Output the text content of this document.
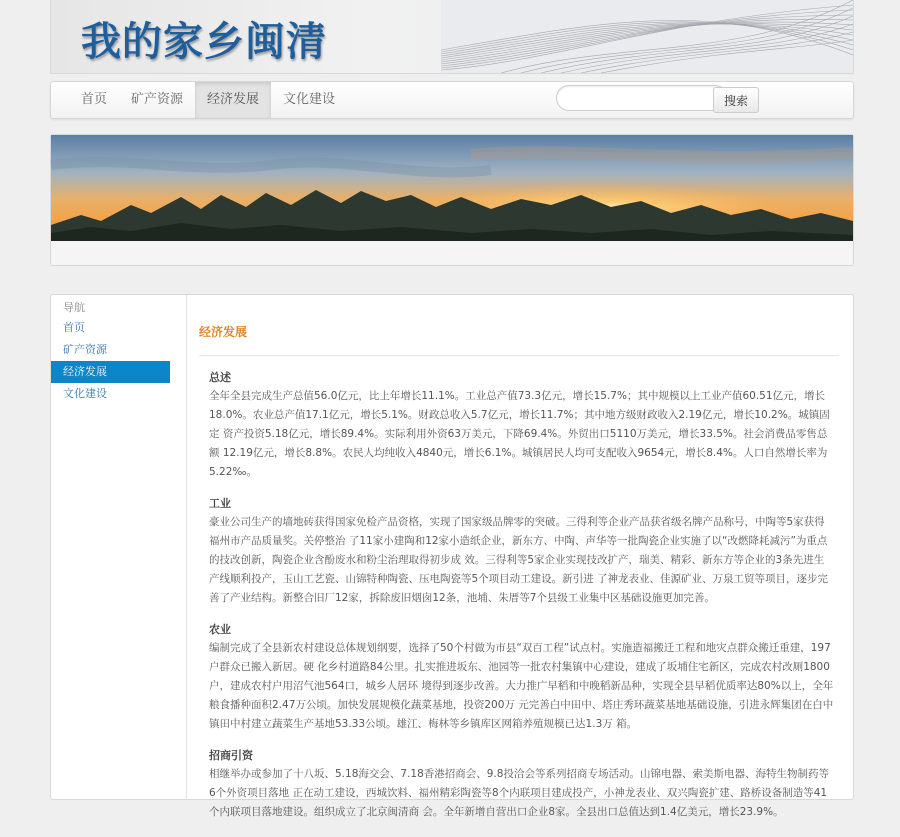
我的家乡闽清
首页	矿产资源	经济发展	文化建设	搜索
导航
首页
矿产资源
经济发展
文化建设
经济发展
总述

全年全县完成生产总值56.0亿元，比上年增长11.1%。工业总产值73.3亿元，增长15.7%；其中规模以上工业产值60.51亿元，增长18.0%。农业总产值17.1亿元，增长5.1%。财政总收入5.7亿元，增长11.7%；其中地方级财政收入2.19亿元，增长10.2%。城镇固定 资产投资5.18亿元，增长89.4%。实际利用外资63万美元，下降69.4%。外贸出口5110万美元，增长33.5%。社会消费品零售总额 12.19亿元，增长8.8%。农民人均纯收入4840元，增长6.1%。城镇居民人均可支配收入9654元，增长8.4%。人口自然增长率为 5.22‰。

工业

豪业公司生产的墙地砖获得国家免检产品资格，实现了国家级品牌零的突破。三得利等企业产品获省级名牌产品称号，中陶等5家获得福州市产品质量奖。关停整治 了11家小建陶和12家小造纸企业，新东方、中陶、声华等一批陶瓷企业实施了以“改燃降耗减污”为重点的技改创新，陶瓷企业含酚废水和粉尘治理取得初步成 效。三得利等5家企业实现技改扩产，瑞美、精彩、新东方等企业的3条先进生产线顺利投产，玉山工艺瓷、山锦特种陶瓷、压电陶瓷等5个项目动工建设。新引进 了神龙表业、佳源矿业、万泉工贸等项目，逐步完善了产业结构。新整合旧厂12家，拆除废旧烟囱12条，池埔、朱厝等7个县级工业集中区基础设施更加完善。

农业

编制完成了全县新农村建设总体规划纲要，选择了50个村做为市县“双百工程”试点村。实施造福搬迁工程和地灾点群众搬迁重建，197户群众已搬入新居。硬 化乡村道路84公里。扎实推进坂东、池园等一批农村集镇中心建设，建成了坂埔住宅新区，完成农村改厕1800户，建成农村户用沼气池564口，城乡人居环 境得到逐步改善。大力推广早稻和中晚稻新品种，实现全县早稻优质率达80%以上，全年粮食播种面积2.47万公顷。加快发展规模化蔬菜基地，投资200万 元完善白中田中、塔庄秀环蔬菜基地基础设施，引进永辉集团在白中镇田中村建立蔬菜生产基地53.33公顷。雄江、梅林等乡镇库区网箱养殖规模已达1.3万 箱。

招商引资

相继举办或参加了十八坂、5.18海交会、7.18香港招商会、9.8投洽会等系列招商专场活动。山锦电器、索美斯电器、海特生物制药等6个外资项目落地 正在动工建设，西城饮料、福州精彩陶瓷等8个内联项目建成投产，小神龙表业、双兴陶瓷扩建、路桥设备制造等41个内联项目落地建设。组织成立了北京闽清商 会。全年新增自营出口企业8家。全县出口总值达到1.4亿美元，增长23.9%。
